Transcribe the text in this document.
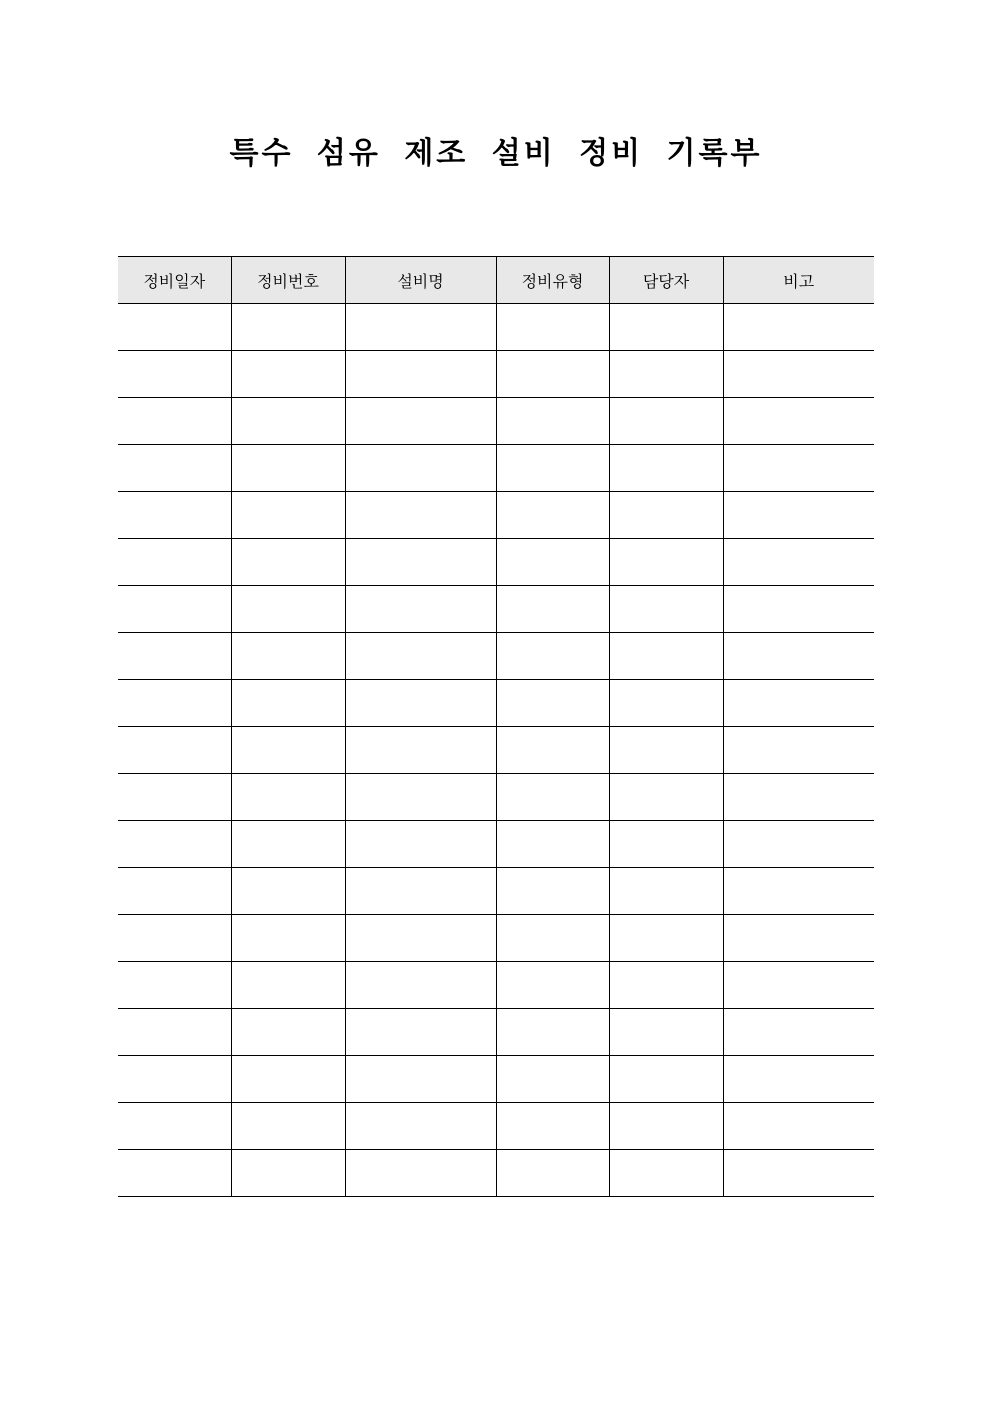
특수 섬유 제조 설비 정비 기록부
정비일자	정비번호	설비명	정비유형	담당자	비고
